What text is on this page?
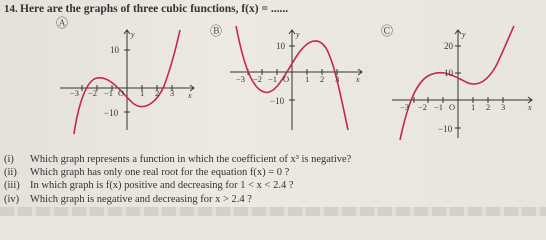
14. Here are the graphs of three cubic functions, f(x) = ......
Ⓐ
y
x
10
−10
−3 −2 −1 O 1 2 3
Ⓑ	y
x
10
−10
−3 −2 −1 O 1 2 3
Ⓒ	y
x
20
10
−10
−3 −2 −1 O 1 2 3
(i) Which graph represents a function in which the coefficient of x³ is negative?
(ii) Which graph has only one real root for the equation f(x) = 0 ?
(iii) In which graph is f(x) positive and decreasing for 1 < x < 2.4 ?
(iv) Which graph is negative and decreasing for x > 2.4 ?
